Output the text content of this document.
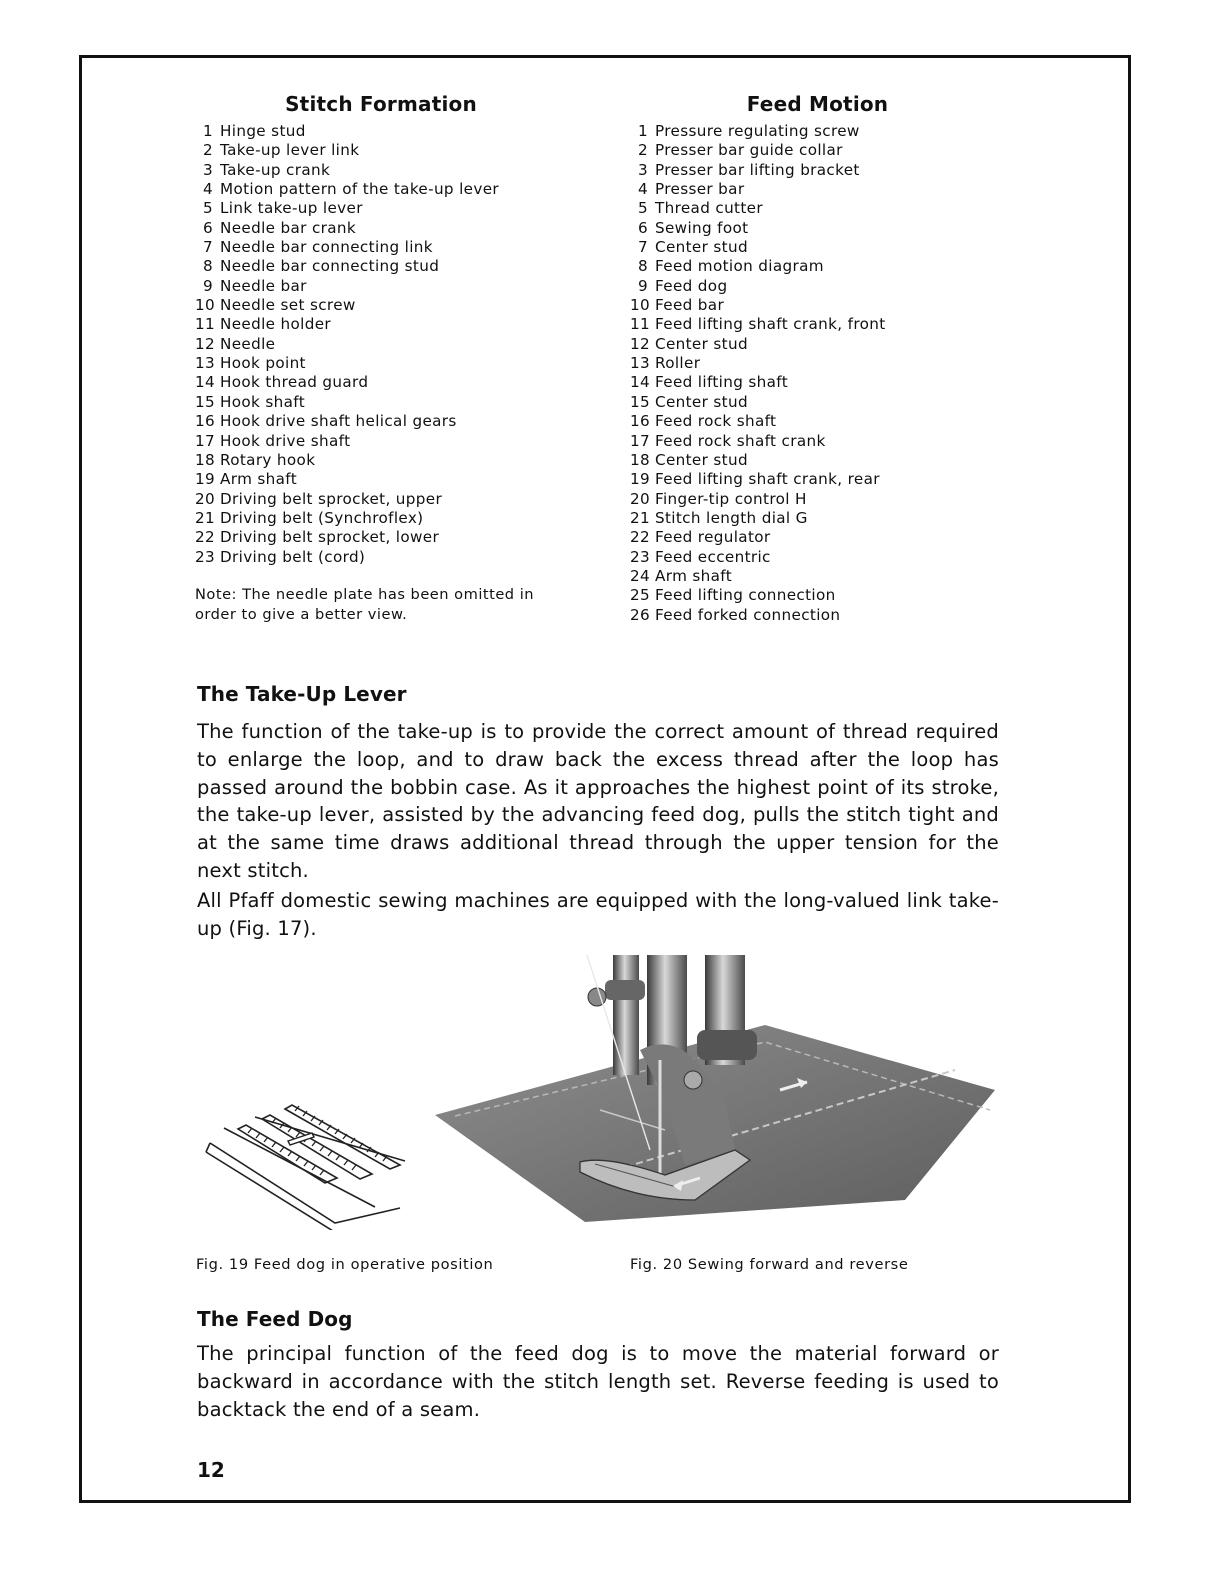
Stitch Formation
1 Hinge stud
2 Take-up lever link
3 Take-up crank
4 Motion pattern of the take-up lever
5 Link take-up lever
6 Needle bar crank
7 Needle bar connecting link
8 Needle bar connecting stud
9 Needle bar
10 Needle set screw
11 Needle holder
12 Needle
13 Hook point
14 Hook thread guard
15 Hook shaft
16 Hook drive shaft helical gears
17 Hook drive shaft
18 Rotary hook
19 Arm shaft
20 Driving belt sprocket, upper
21 Driving belt (Synchroflex)
22 Driving belt sprocket, lower
23 Driving belt (cord)
Note: The needle plate has been omitted in order to give a better view.
Feed Motion
1 Pressure regulating screw
2 Presser bar guide collar
3 Presser bar lifting bracket
4 Presser bar
5 Thread cutter
6 Sewing foot
7 Center stud
8 Feed motion diagram
9 Feed dog
10 Feed bar
11 Feed lifting shaft crank, front
12 Center stud
13 Roller
14 Feed lifting shaft
15 Center stud
16 Feed rock shaft
17 Feed rock shaft crank
18 Center stud
19 Feed lifting shaft crank, rear
20 Finger-tip control H
21 Stitch length dial G
22 Feed regulator
23 Feed eccentric
24 Arm shaft
25 Feed lifting connection
26 Feed forked connection
The Take-Up Lever

The function of the take-up is to provide the correct amount of thread required to enlarge the loop, and to draw back the excess thread after the loop has passed around the bobbin case. As it approaches the highest point of its stroke, the take-up lever, assisted by the advancing feed dog, pulls the stitch tight and at the same time draws additional thread through the upper tension for the next stitch.

All Pfaff domestic sewing machines are equipped with the long-valued link take-up (Fig. 17).

Fig. 19 Feed dog in operative position	Fig. 20 Sewing forward and reverse
The Feed Dog

The principal function of the feed dog is to move the material forward or backward in accordance with the stitch length set. Reverse feeding is used to backtack the end of a seam.

12
